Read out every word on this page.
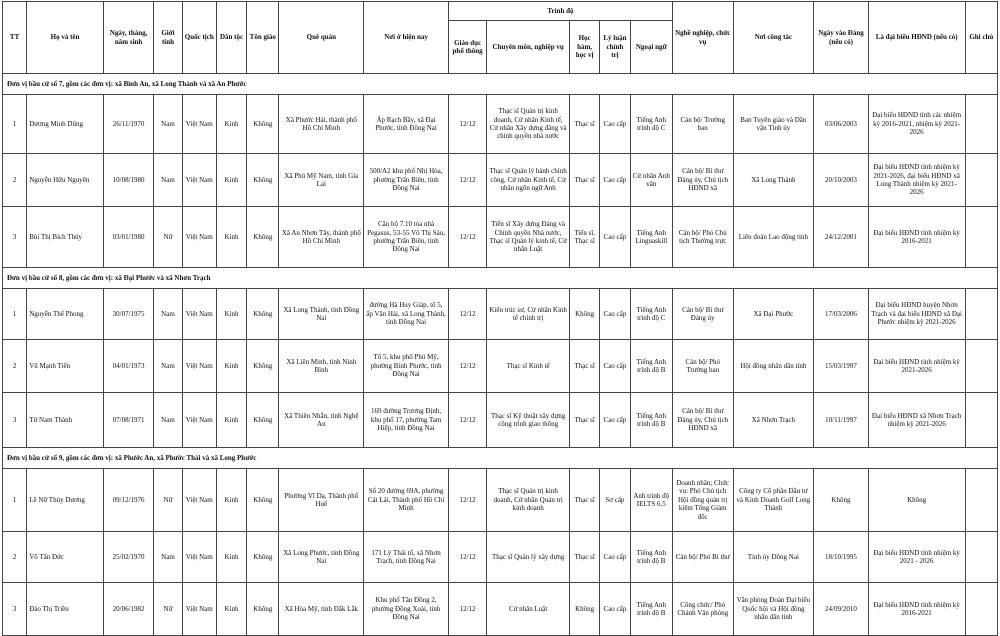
TT	Họ và tên	Ngày, tháng, năm sinh	Giới tính	Quốc tịch	Dân tộc	Tôn giáo	Quê quán	Nơi ở hiện nay	Trình độ					Nghề nghiệp, chức vụ	Nơi công tác	Ngày vào Đảng (nếu có)	Là đại biểu HĐND (nếu có)	Ghi chú
									Giáo dục phổ thông	Chuyên môn, nghiệp vụ	Học hàm, học vị	Lý luận chính trị	Ngoại ngữ					
Đơn vị bầu cử số 7, gồm các đơn vị: xã Bình An, xã Long Thành và xã An Phước																		
1	Dương Minh Dũng	26/11/1970	Nam	Việt Nam	Kinh	Không	Xã Phước Hải, thành phố Hồ Chí Minh	Ấp Rạch Bầy, xã Đại Phước, tỉnh Đồng Nai	12/12	Thạc sĩ Quản trị kinh doanh, Cử nhân Kinh tế, Cử nhân Xây dựng đảng và chính quyền nhà nước	Thạc sĩ	Cao cấp	Tiếng Anh trình độ C	Cán bộ/ Trưởng ban	Ban Tuyên giáo và Dân vận Tỉnh ủy	03/06/2003	Đại biểu HĐND tỉnh các nhiệm kỳ 2016-2021, nhiệm kỳ 2021-2026	
2	Nguyễn Hữu Nguyên	10/08/1980	Nam	Việt Nam	Kinh	Không	Xã Phú Mỹ Nam, tỉnh Gia Lai	500/A2 khu phố Nhị Hòa, phường Trấn Biên, tỉnh Đồng Nai	12/12	Thạc sĩ Quản lý hành chính công, Cử nhân Kinh tế, Cử nhân ngôn ngữ Anh	Thạc sĩ	Cao cấp	Cử nhân Anh văn	Cán bộ/ Bí thư Đảng ủy, Chủ tịch HĐND xã	Xã Long Thành	20/10/2003	Đại biểu HĐND tỉnh nhiệm kỳ 2021-2026, đại biểu HĐND xã Long Thành nhiệm kỳ 2021-2026	
3	Bùi Thị Bích Thủy	03/01/1980	Nữ	Việt Nam	Kinh	Không	Xã An Nhơn Tây, thành phố Hồ Chí Minh	Căn hộ 7.10 tòa nhà Pegasus, 53-55 Võ Thị Sáu, phường Trấn Biên, tỉnh Đồng Nai	12/12	Tiến sĩ Xây dựng Đảng và Chính quyền Nhà nước, Thạc sĩ Quản lý kinh tế, Cử nhân Luật	Tiến sĩ, Thạc sĩ	Cao cấp	Tiếng Anh Linguaskill	Cán bộ/ Phó Chủ tịch Thường trực	Liên đoàn Lao động tỉnh	24/12/2001	Đại biểu HĐND tỉnh nhiệm kỳ 2016-2021	
Đơn vị bầu cử số 8, gồm các đơn vị: xã Đại Phước và xã Nhơn Trạch																		
1	Nguyễn Thế Phong	30/07/1975	Nam	Việt Nam	Kinh	Không	Xã Long Thành, tỉnh Đồng Nai	đường Hà Huy Giáp, tổ 5, ấp Vân Hải, xã Long Thành, tỉnh Đồng Nai	12/12	Kiến trúc sư, Cử nhân Kinh tế chính trị	Không	Cao cấp	Tiếng Anh trình độ C	Cán bộ/ Bí thư Đảng ủy	Xã Đại Phước	17/03/2006	Đại biểu HĐND huyện Nhơn Trạch và đại biểu HĐND xã Đại Phước nhiệm kỳ 2021-2026	
2	Vũ Mạnh Tiến	04/01/1973	Nam	Việt Nam	Kinh	Không	Xã Liên Minh, tỉnh Ninh Bình	Tổ 5, khu phố Phú Mỹ, phường Bình Phước, tỉnh Đồng Nai	12/12	Thạc sĩ Kinh tế	Thạc sĩ	Cao cấp	Tiếng Anh trình độ B	Cán bộ/ Phó Trưởng ban	Hội đồng nhân dân tỉnh	15/03/1997	Đại biểu HĐND tỉnh nhiệm kỳ 2021-2026	
3	Từ Nam Thành	07/08/1971	Nam	Việt Nam	Kinh	Không	Xã Thiên Nhẫn, tỉnh Nghệ An	169 đường Trương Định, khu phố 17, phường Tam Hiệp, tỉnh Đồng Nai	12/12	Thạc sĩ Kỹ thuật xây dựng công trình giao thông	Thạc sĩ	Cao cấp	Tiếng Anh trình độ B	Cán bộ/ Bí thư Đảng ủy, Chủ tịch HĐND xã	Xã Nhơn Trạch	10/11/1997	Đại biểu HĐND xã Nhơn Trạch nhiệm kỳ 2021-2026	
Đơn vị bầu cử số 9, gồm các đơn vị: xã Phước An, xã Phước Thái và xã Long Phước																		
1	Lê Nữ Thùy Dương	09/12/1976	Nữ	Việt Nam	Kinh	Không	Phường Vĩ Dạ, Thành phố Huế	Số 20 đường 69A, phường Cát Lái, Thành phố Hồ Chí Minh	12/12	Thạc sĩ Quản trị kinh doanh, Cử nhân Quản trị kinh doanh	Thạc sĩ	Sơ cấp	Anh trình độ IELTS 6.5	Doanh nhân; Chức vụ: Phó Chủ tịch Hội đồng quản trị kiêm Tổng Giám đốc	Công ty Cổ phần Đầu tư và Kinh Doanh Golf Long Thành	Không	Không	
2	Võ Tấn Đức	25/02/1970	Nam	Việt Nam	Kinh	Không	Xã Long Phước, tỉnh Đồng Nai	171 Lý Thái tổ, xã Nhơn Trạch, tỉnh Đồng Nai	12/12	Thạc sĩ Quản lý xây dựng	Thạc sĩ	Cao cấp	Tiếng Anh trình độ B	Cán bộ/ Phó Bí thư	Tỉnh ủy Đồng Nai	18/10/1995	Đại biểu HĐND tỉnh nhiệm kỳ 2021 - 2026	
3	Đào Thị Triền	20/06/1982	Nữ	Việt Nam	Kinh	Không	Xã Hòa Mỹ, tỉnh Đắk Lắk	Khu phố Tân Đồng 2, phường Đồng Xoài, tỉnh Đồng Nai	12/12	Cử nhân Luật	Không	Cao cấp	Tiếng Anh trình độ B	Công chức/ Phó Chánh Văn phòng	Văn phòng Đoàn Đại biểu Quốc hội và Hội đồng nhân dân tỉnh	24/09/2010	Đại biểu HĐND tỉnh nhiệm kỳ 2016-2021	
